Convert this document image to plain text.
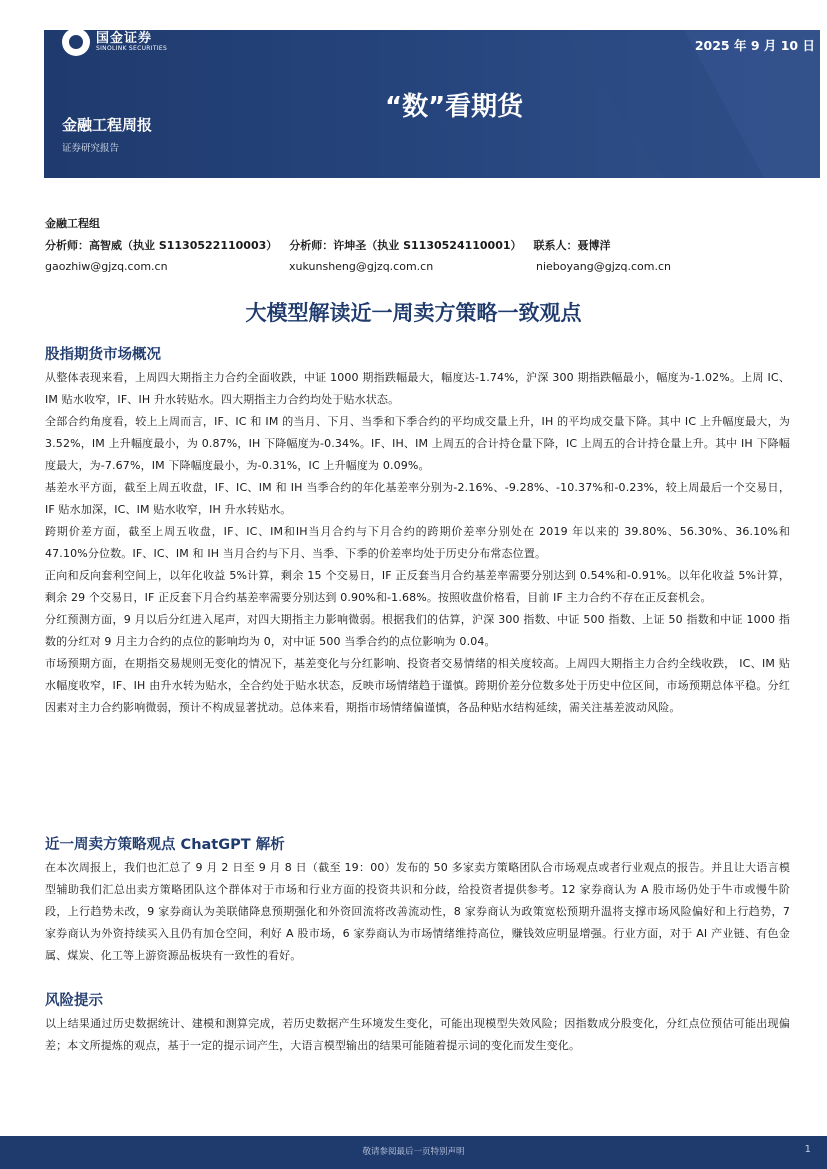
国金证券
SINOLINK SECURITIES	2025 年 9 月 10 日
“数”看期货
金融工程周报
证券研究报告
金融工程组
分析师：高智威（执业 S1130522110003） 分析师：许坤圣（执业 S1130524110001） 联系人：聂博洋
gaozhiw@gjzq.com.cn	xukunsheng@gjzq.com.cn	nieboyang@gjzq.com.cn
大模型解读近一周卖方策略一致观点
股指期货市场概况

从整体表现来看，上周四大期指主力合约全面收跌，中证 1000 期指跌幅最大，幅度达-1.74%，沪深 300 期指跌幅最小，幅度为-1.02%。上周 IC、IM 贴水收窄，IF、IH 升水转贴水。四大期指主力合约均处于贴水状态。

全部合约角度看，较上上周而言，IF、IC 和 IM 的当月、下月、当季和下季合约的平均成交量上升，IH 的平均成交量下降。其中 IC 上升幅度最大，为 3.52%，IM 上升幅度最小，为 0.87%，IH 下降幅度为-0.34%。IF、IH、IM 上周五的合计持仓量下降，IC 上周五的合计持仓量上升。其中 IH 下降幅度最大，为-7.67%，IM 下降幅度最小，为-0.31%，IC 上升幅度为 0.09%。

基差水平方面，截至上周五收盘，IF、IC、IM 和 IH 当季合约的年化基差率分别为-2.16%、-9.28%、-10.37%和-0.23%，较上周最后一个交易日，IF 贴水加深，IC、IM 贴水收窄，IH 升水转贴水。

跨期价差方面，截至上周五收盘，IF、IC、IM和IH当月合约与下月合约的跨期价差率分别处在 2019 年以来的 39.80%、56.30%、36.10%和 47.10%分位数。IF、IC、IM 和 IH 当月合约与下月、当季、下季的价差率均处于历史分布常态位置。

正向和反向套利空间上，以年化收益 5%计算，剩余 15 个交易日，IF 正反套当月合约基差率需要分别达到 0.54%和-0.91%。以年化收益 5%计算，剩余 29 个交易日，IF 正反套下月合约基差率需要分别达到 0.90%和-1.68%。按照收盘价格看，目前 IF 主力合约不存在正反套机会。

分红预测方面，9 月以后分红进入尾声，对四大期指主力影响微弱。根据我们的估算，沪深 300 指数、中证 500 指数、上证 50 指数和中证 1000 指数的分红对 9 月主力合约的点位的影响均为 0，对中证 500 当季合约的点位影响为 0.04。

市场预期方面，在期指交易规则无变化的情况下，基差变化与分红影响、投资者交易情绪的相关度较高。上周四大期指主力合约全线收跌， IC、IM 贴水幅度收窄，IF、IH 由升水转为贴水，全合约处于贴水状态，反映市场情绪趋于谨慎。跨期价差分位数多处于历史中位区间，市场预期总体平稳。分红因素对主力合约影响微弱，预计不构成显著扰动。总体来看，期指市场情绪偏谨慎，各品种贴水结构延续，需关注基差波动风险。

近一周卖方策略观点 ChatGPT 解析

在本次周报上，我们也汇总了 9 月 2 日至 9 月 8 日（截至 19：00）发布的 50 多家卖方策略团队合市场观点或者行业观点的报告。并且让大语言模型辅助我们汇总出卖方策略团队这个群体对于市场和行业方面的投资共识和分歧，给投资者提供参考。12 家券商认为 A 股市场仍处于牛市或慢牛阶段，上行趋势未改，9 家券商认为美联储降息预期强化和外资回流将改善流动性，8 家券商认为政策宽松预期升温将支撑市场风险偏好和上行趋势，7 家券商认为外资持续买入且仍有加仓空间，利好 A 股市场，6 家券商认为市场情绪维持高位，赚钱效应明显增强。行业方面，对于 AI 产业链、有色金属、煤炭、化工等上游资源品板块有一致性的看好。

风险提示

以上结果通过历史数据统计、建模和测算完成，若历史数据产生环境发生变化，可能出现模型失效风险；因指数成分股变化，分红点位预估可能出现偏差；本文所提炼的观点，基于一定的提示词产生，大语言模型输出的结果可能随着提示词的变化而发生变化。

敬请参阅最后一页特别声明	1
